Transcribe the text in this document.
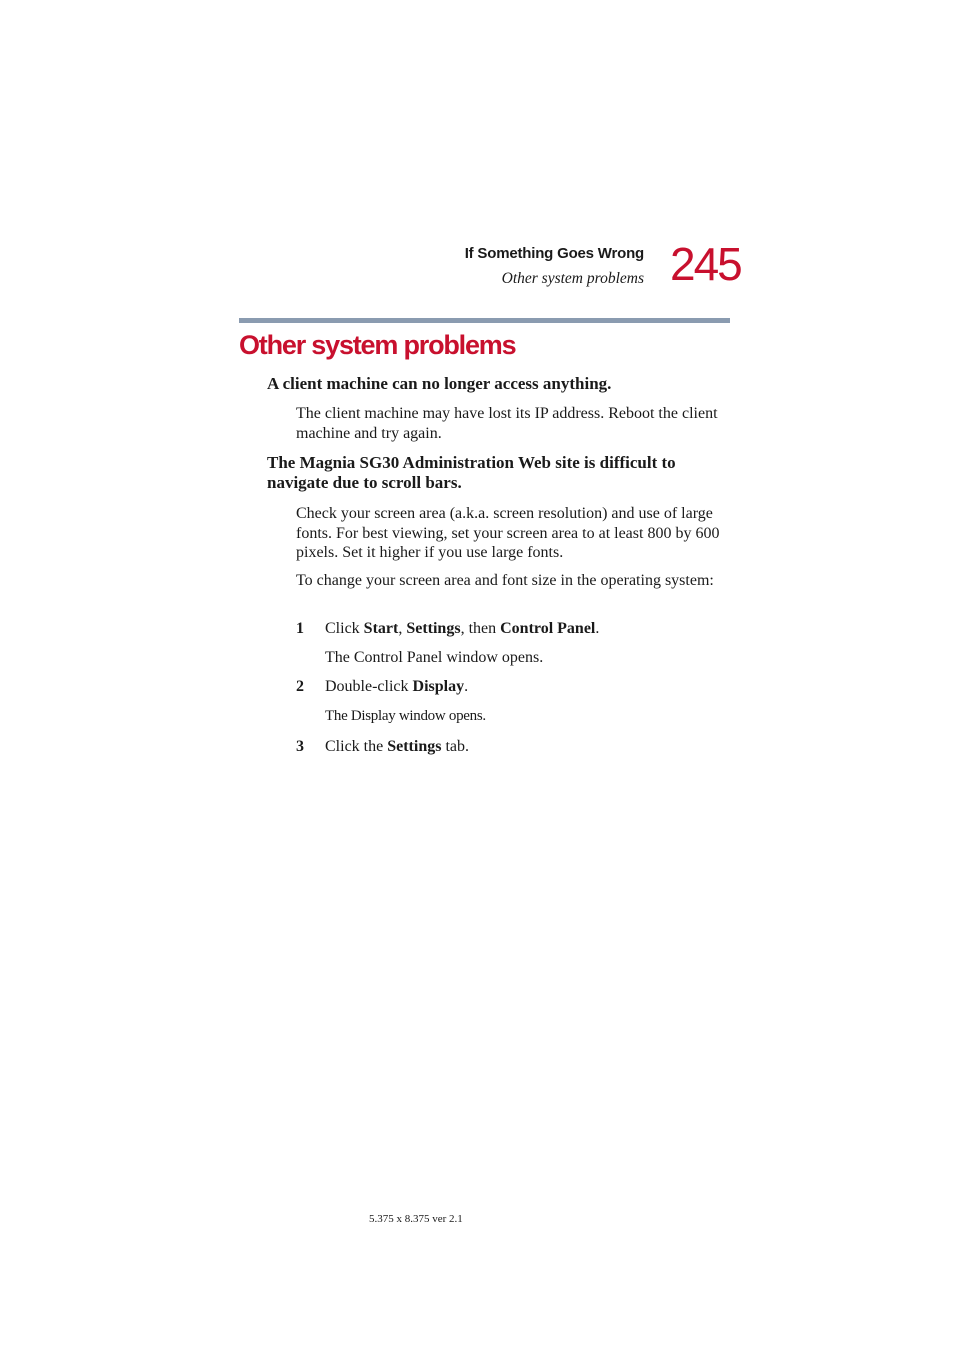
If Something Goes Wrong

Other system problems 245

Other system problems

A client machine can no longer access anything.

The client machine may have lost its IP address. Reboot the client machine and try again.

The Magnia SG30 Administration Web site is difficult to navigate due to scroll bars.

Check your screen area (a.k.a. screen resolution) and use of large fonts. For best viewing, set your screen area to at least 800 by 600 pixels. Set it higher if you use large fonts.

To change your screen area and font size in the operating system:

1 Click Start, Settings, then Control Panel.

The Control Panel window opens.

2 Double-click Display.

The Display window opens.

3 Click the Settings tab.

5.375 x 8.375 ver 2.1
